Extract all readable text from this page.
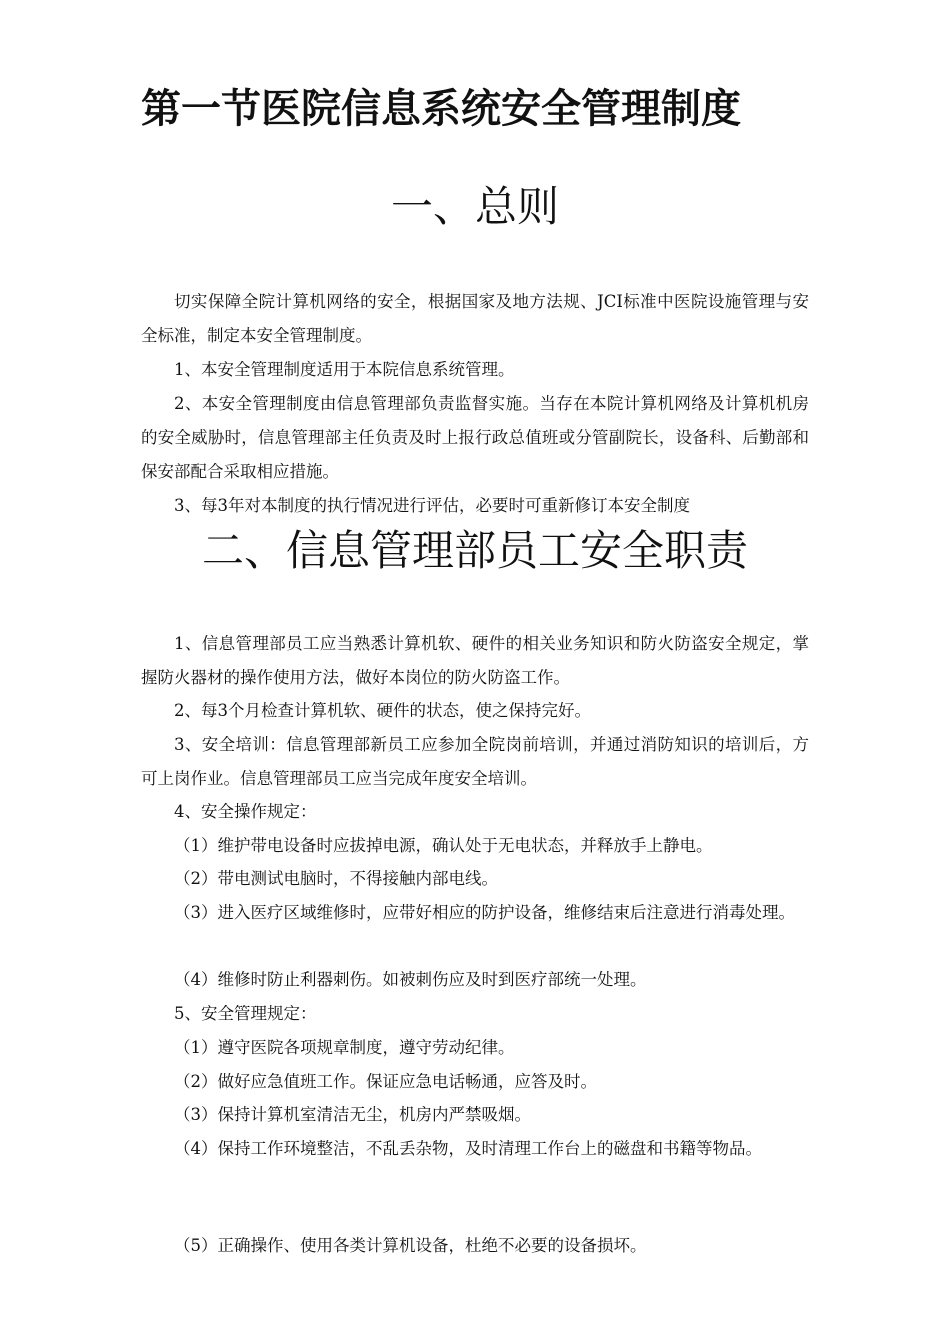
第一节医院信息系统安全管理制度
一、总则

切实保障全院计算机网络的安全，根据国家及地方法规、JCI标准中医院设施管理与安全标准，制定本安全管理制度。

1、本安全管理制度适用于本院信息系统管理。

2、本安全管理制度由信息管理部负责监督实施。当存在本院计算机网络及计算机机房的安全威胁时，信息管理部主任负责及时上报行政总值班或分管副院长，设备科、后勤部和保安部配合采取相应措施。

3、每3年对本制度的执行情况进行评估，必要时可重新修订本安全制度

二、信息管理部员工安全职责

1、信息管理部员工应当熟悉计算机软、硬件的相关业务知识和防火防盗安全规定，掌握防火器材的操作使用方法，做好本岗位的防火防盗工作。

2、每3个月检查计算机软、硬件的状态，使之保持完好。

3、安全培训：信息管理部新员工应参加全院岗前培训，并通过消防知识的培训后，方可上岗作业。信息管理部员工应当完成年度安全培训。

4、安全操作规定：

（1）维护带电设备时应拔掉电源，确认处于无电状态，并释放手上静电。

（2）带电测试电脑时，不得接触内部电线。

（3）进入医疗区域维修时，应带好相应的防护设备，维修结束后注意进行消毒处理。

（4）维修时防止利器刺伤。如被刺伤应及时到医疗部统一处理。

5、安全管理规定：

（1）遵守医院各项规章制度，遵守劳动纪律。

（2）做好应急值班工作。保证应急电话畅通，应答及时。

（3）保持计算机室清洁无尘，机房内严禁吸烟。

（4）保持工作环境整洁，不乱丢杂物，及时清理工作台上的磁盘和书籍等物品。

（5）正确操作、使用各类计算机设备，杜绝不必要的设备损坏。
